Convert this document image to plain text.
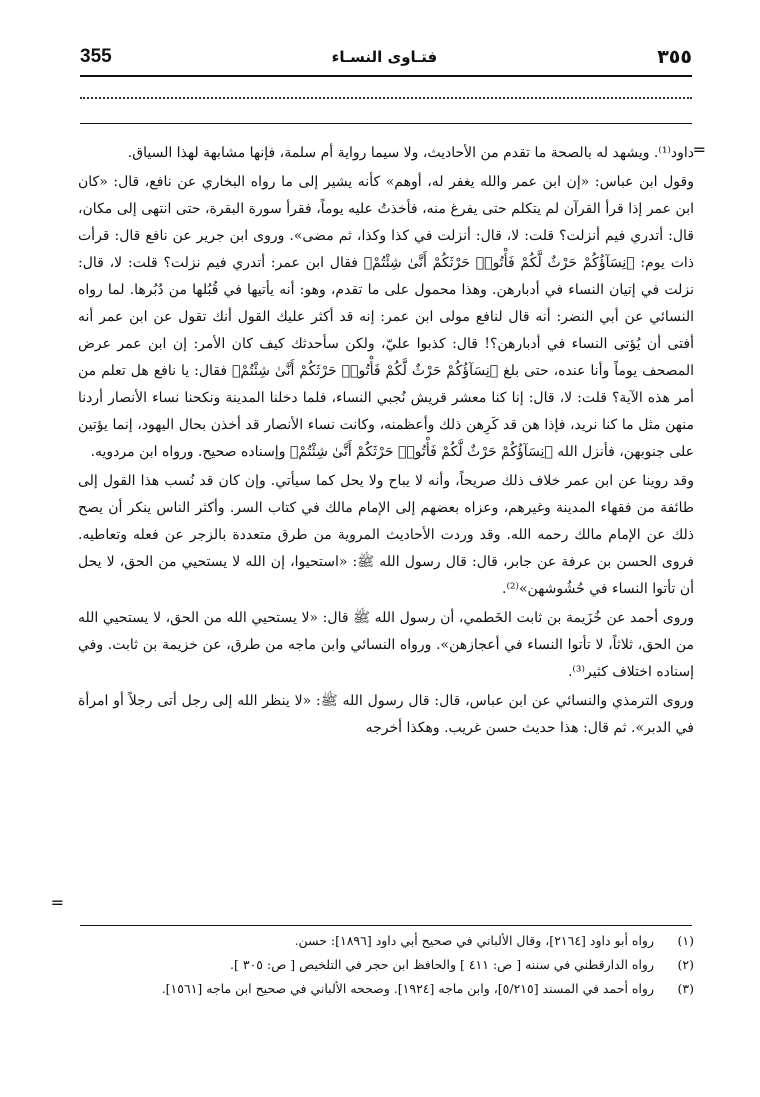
355	فتـاوى النسـاء	٣٥٥
=
=

داود⁽¹⁾. ويشهد له بالصحة ما تقدم من الأحاديث، ولا سيما رواية أم سلمة، فإنها مشابهة لهذا السياق.

وقول ابن عباس: «إن ابن عمر والله يغفر له، أوهم» كأنه يشير إلى ما رواه البخاري عن نافع، قال: «كان ابن عمر إذا قرأ القرآن لم يتكلم حتى يفرغ منه، فأخذتُ عليه يوماً، فقرأ سورة البقرة، حتى انتهى إلى مكان، قال: أتدري فيم أنزلت؟ قلت: لا، قال: أنزلت في كذا وكذا، ثم مضى». وروى ابن جرير عن نافع قال: قرأت ذات يوم: ﴿نِسَآؤُكُمْ حَرْثٌ لَّكُمْ فَأْتُوا۟ حَرْثَكُمْ أَنَّىٰ شِئْتُمْ﴾ فقال ابن عمر: أتدري فيم نزلت؟ قلت: لا، قال: نزلت في إتيان النساء في أدبارهن. وهذا محمول على ما تقدم، وهو: أنه يأتيها في قُبُلها من دُبُرها. لما رواه النسائي عن أبي النضر: أنه قال لنافع مولى ابن عمر: إنه قد أكثر عليك القول أنك تقول عن ابن عمر أنه أفتى أن يُؤتى النساء في أدبارهن؟! قال: كذبوا عليّ، ولكن سأحدثك كيف كان الأمر: إن ابن عمر عرض المصحف يوماً وأنا عنده، حتى بلغ ﴿نِسَآؤُكُمْ حَرْثٌ لَّكُمْ فَأْتُوا۟ حَرْثَكُمْ أَنَّىٰ شِئْتُمْ﴾ فقال: يا نافع هل تعلم من أمر هذه الآية؟ قلت: لا، قال: إنا كنا معشر قريش نُجبي النساء، فلما دخلنا المدينة ونكحنا نساء الأنصار أردنا منهن مثل ما كنا نريد، فإذا هن قد كَرِهن ذلك وأعظمنه، وكانت نساء الأنصار قد أخذن بحال اليهود، إنما يؤتين على جنوبهن، فأنزل الله ﴿نِسَآؤُكُمْ حَرْثٌ لَّكُمْ فَأْتُوا۟ حَرْثَكُمْ أَنَّىٰ شِئْتُمْ﴾ وإسناده صحيح. ورواه ابن مردويه.

وقد روينا عن ابن عمر خلاف ذلك صريحاً، وأنه لا يباح ولا يحل كما سيأتي. وإن كان قد نُسب هذا القول إلى طائفة من فقهاء المدينة وغيرهم، وعزاه بعضهم إلى الإمام مالك في كتاب السر. وأكثر الناس ينكر أن يصح ذلك عن الإمام مالك رحمه الله. وقد وردت الأحاديث المروية من طرق متعددة بالزجر عن فعله وتعاطيه. فروى الحسن بن عرفة عن جابر، قال: قال رسول الله ﷺ: «استحيوا، إن الله لا يستحيي من الحق، لا يحل أن تأتوا النساء في حُشُوشهن»⁽²⁾.

وروى أحمد عن خُزَيمة بن ثابت الخَطمي، أن رسول الله ﷺ قال: «لا يستحيي الله من الحق، لا يستحيي الله من الحق، ثلاثاً، لا تأتوا النساء في أعجازهن». ورواه النسائي وابن ماجه من طرق، عن خزيمة بن ثابت. وفي إسناده اختلاف كثير⁽³⁾.

وروى الترمذي والنسائي عن ابن عباس، قال: قال رسول الله ﷺ: «لا ينظر الله إلى رجل أتى رجلاً أو امرأة في الدبر». ثم قال: هذا حديث حسن غريب. وهكذا أخرجه

(١)
رواه أبو داود [٢١٦٤]، وقال الألباني في صحيح أبي داود [١٨٩٦]: حسن.
(٢)
رواه الدارقطني في سننه [ ص: ٤١١ ] والحافظ ابن حجر في التلخيص [ ص: ٣٠٥ ].
(٣)
رواه أحمد في المسند [٥/٢١٥]، وابن ماجه [١٩٢٤]. وصححه الألباني في صحيح ابن ماجه [١٥٦١].
